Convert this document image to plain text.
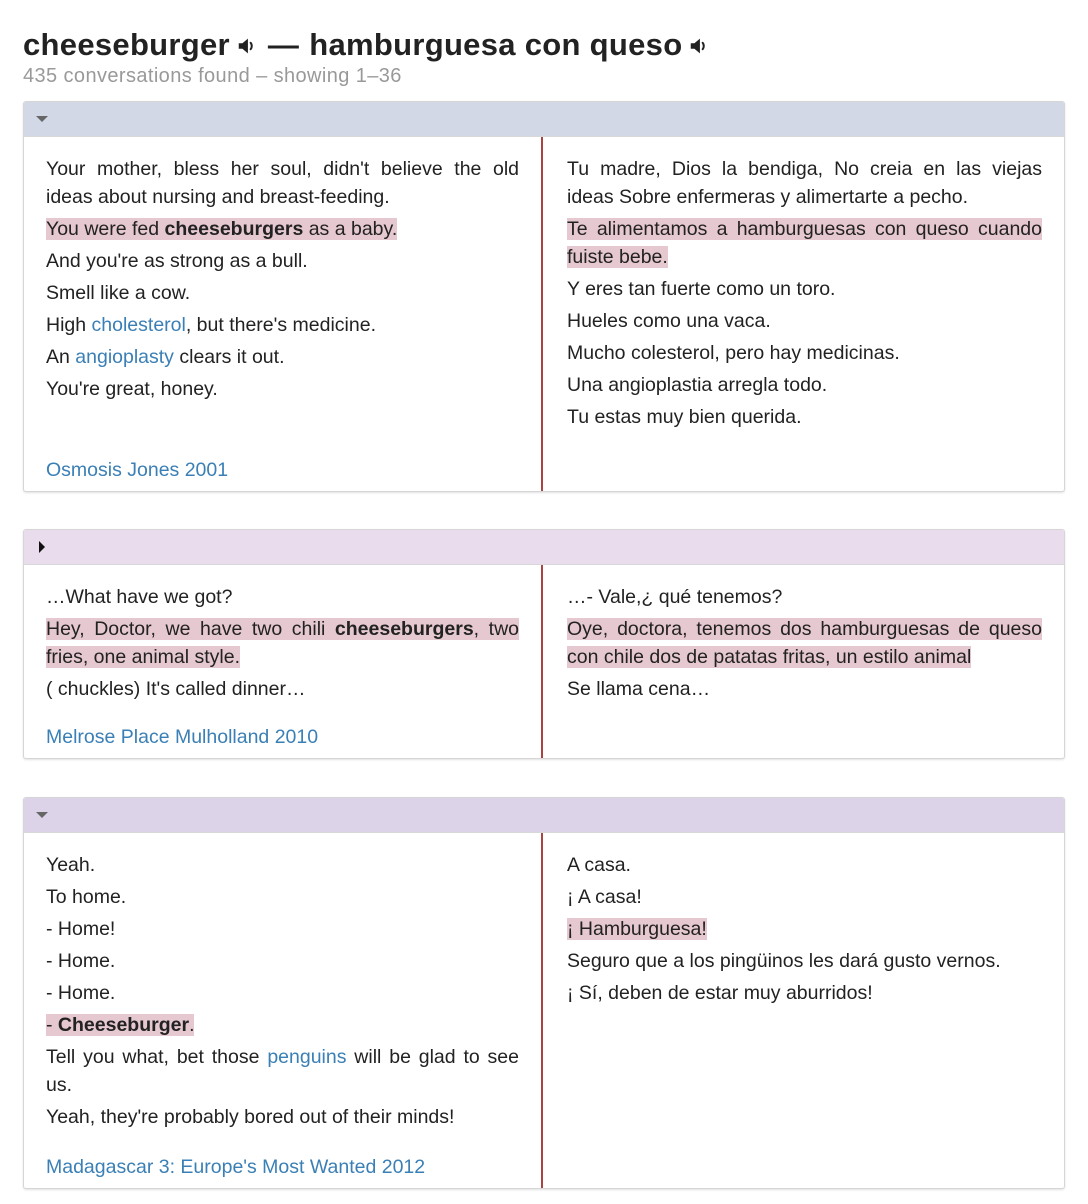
cheeseburger — hamburguesa con queso
435 conversations found – showing 1–36
Your mother, bless her soul, didn't believe the old ideas about nursing and breast-feeding.
You were fed cheeseburgers as a baby.
And you're as strong as a bull.
Smell like a cow.
High cholesterol, but there's medicine.
An angioplasty clears it out.
You're great, honey.
Osmosis Jones 2001
Tu madre, Dios la bendiga, No creia en las viejas ideas Sobre enfermeras y alimertarte a pecho.
Te alimentamos a hamburguesas con queso cuando fuiste bebe.
Y eres tan fuerte como un toro.
Hueles como una vaca.
Mucho colesterol, pero hay medicinas.
Una angioplastia arregla todo.
Tu estas muy bien querida.
…What have we got?
Hey, Doctor, we have two chili cheeseburgers, two fries, one animal style.
( chuckles) It's called dinner…
Melrose Place Mulholland 2010
…- Vale,¿ qué tenemos?
Oye, doctora, tenemos dos hamburguesas de queso con chile dos de patatas fritas, un estilo animal
Se llama cena…
Yeah.
To home.
- Home!
- Home.
- Home.
- Cheeseburger.
Tell you what, bet those penguins will be glad to see us.
Yeah, they're probably bored out of their minds!
Madagascar 3: Europe's Most Wanted 2012
A casa.
¡ A casa!
¡ Hamburguesa!
Seguro que a los pingüinos les dará gusto vernos.
¡ Sí, deben de estar muy aburridos!
